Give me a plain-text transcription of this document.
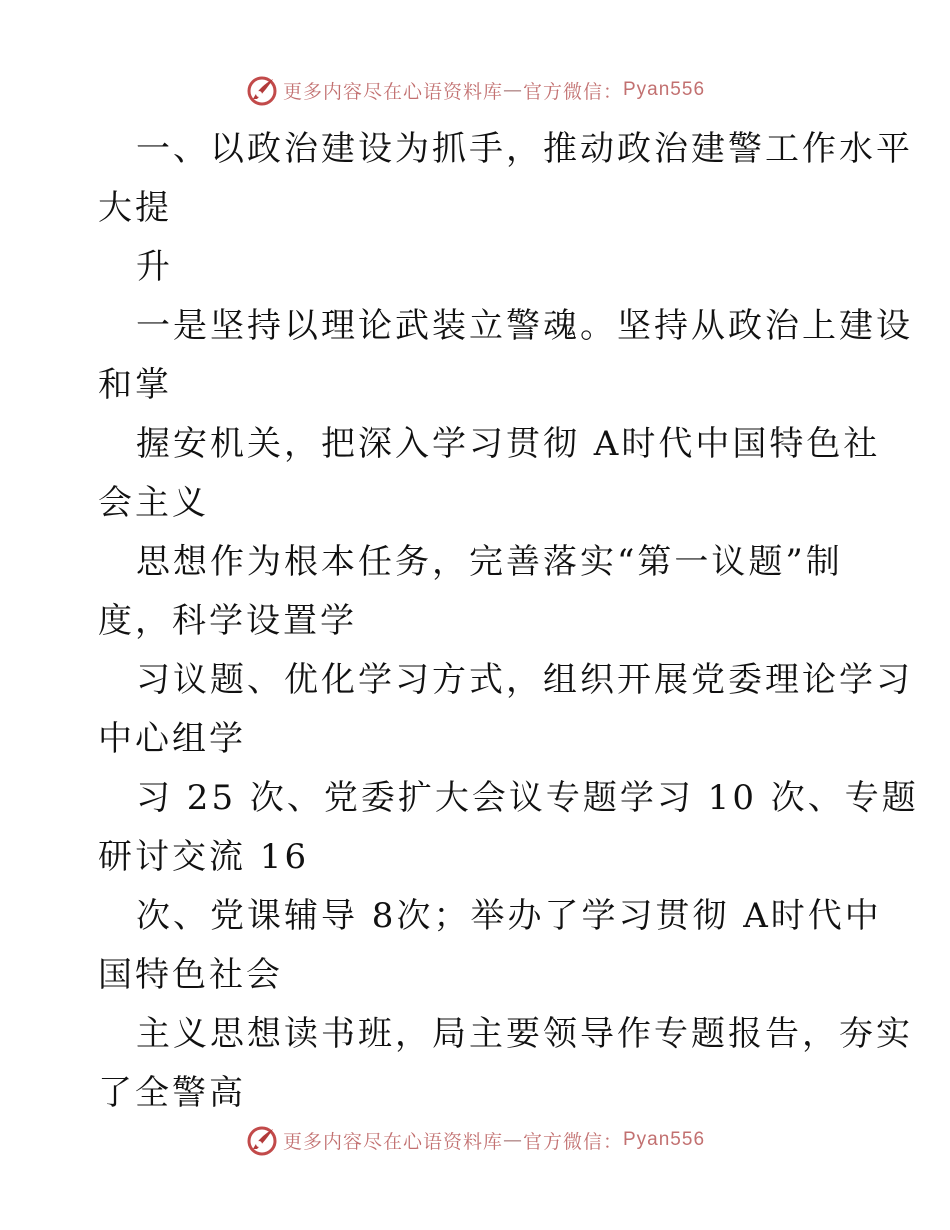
更多内容尽在心语资料库 — 官方微信： Pyan556
一、以政治建设为抓手，推动政治建警工作水平
大提
升
一是坚持以理论武装立警魂。坚持从政治上建设
和掌
握安机关，把深入学习贯彻 A时代中国特色社
会主义
思想作为根本任务，完善落实“第一议题”制
度，科学设置学
习议题、优化学习方式，组织开展党委理论学习
中心组学
习 25 次、党委扩大会议专题学习 10 次、专题
研讨交流 16
次、党课辅导 8次；举办了学习贯彻 A时代中
国特色社会
主义思想读书班，局主要领导作专题报告，夯实
了全警高
更多内容尽在心语资料库 — 官方微信： Pyan556
